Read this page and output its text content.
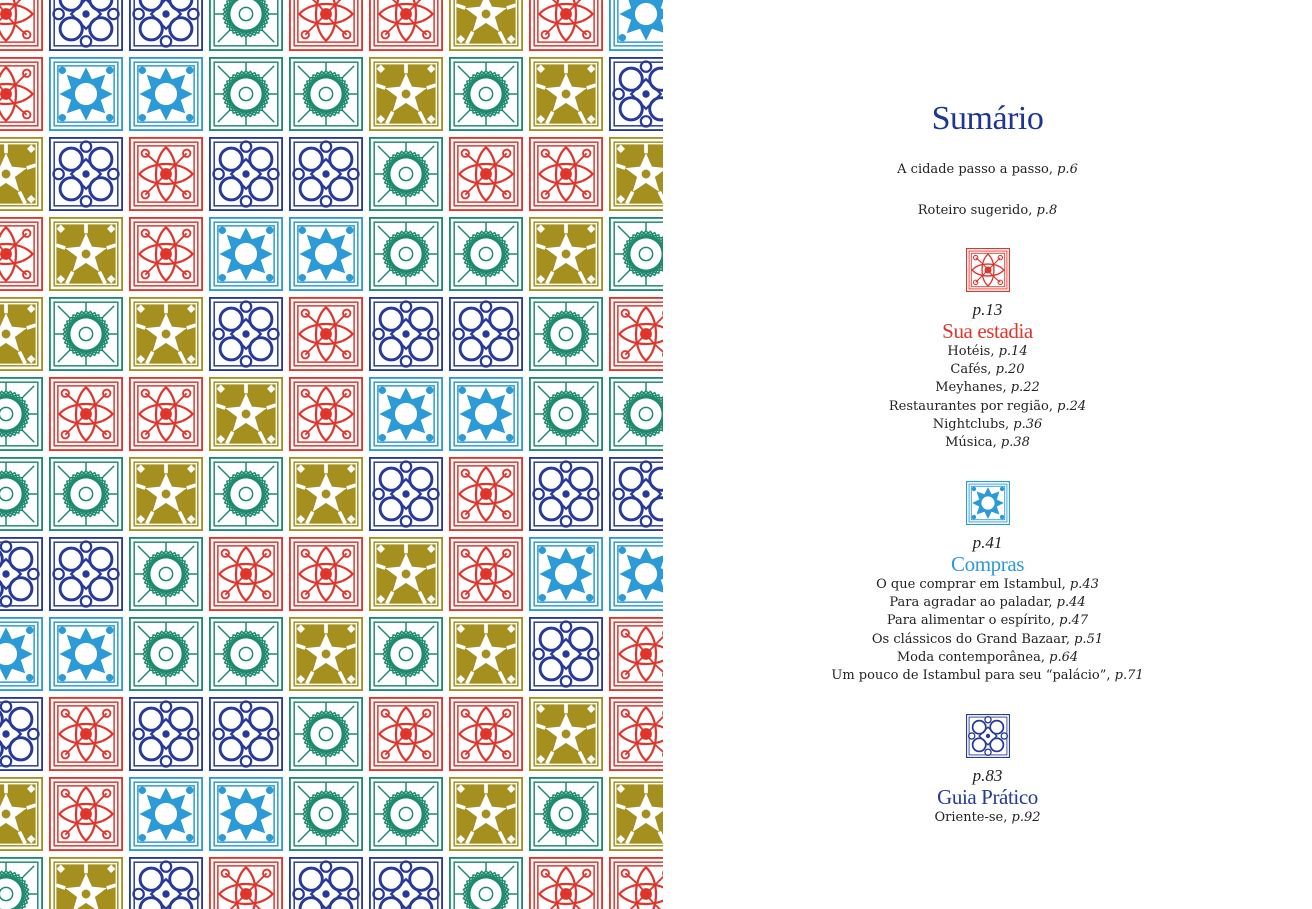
Sumário
A cidade passo a passo, p.6
Roteiro sugerido, p.8
p.13
Sua estadia
Hotéis, p.14
Cafés, p.20
Meyhanes, p.22
Restaurantes por região, p.24
Nightclubs, p.36
Música, p.38
p.41
Compras
O que comprar em Istambul, p.43
Para agradar ao paladar, p.44
Para alimentar o espírito, p.47
Os clássicos do Grand Bazaar, p.51
Moda contemporânea, p.64
Um pouco de Istambul para seu “palácio”, p.71
p.83
Guia Prático
Oriente-se, p.92
